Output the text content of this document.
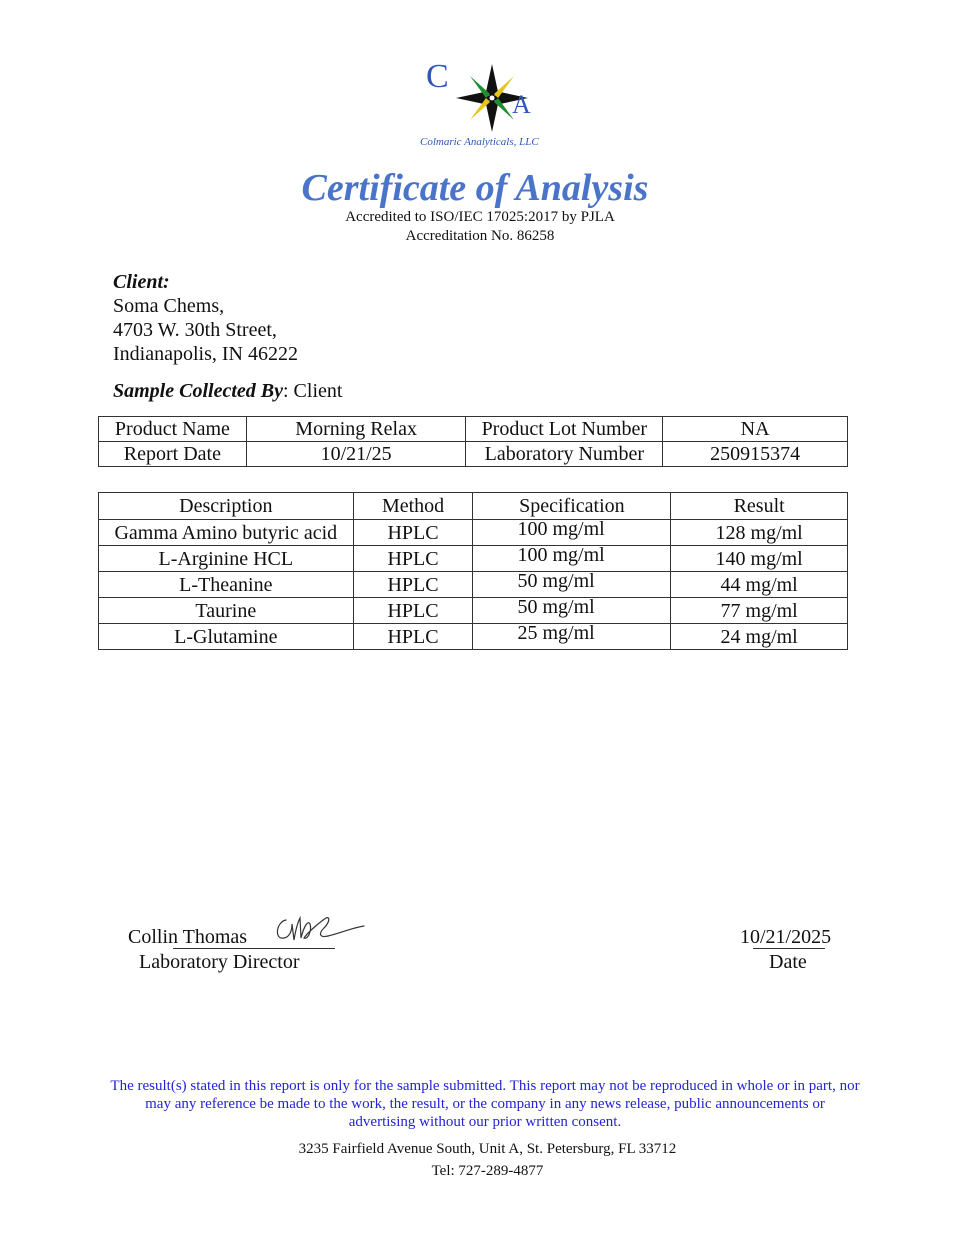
C
A
Colmaric Analyticals, LLC
Certificate of Analysis
Accredited to ISO/IEC 17025:2017 by PJLA
Accreditation No. 86258
Client:
Soma Chems,
4703 W. 30th Street,
Indianapolis, IN 46222
Sample Collected By: Client
Product Name	Morning Relax	Product Lot Number	NA
Report Date	10/21/25	Laboratory Number	250915374
Description	Method	Specification	Result
Gamma Amino butyric acid	HPLC	100 mg/ml	128 mg/ml
L-Arginine HCL	HPLC	100 mg/ml	140 mg/ml
L-Theanine	HPLC	50 mg/ml	44 mg/ml
Taurine	HPLC	50 mg/ml	77 mg/ml
L-Glutamine	HPLC	25 mg/ml	24 mg/ml
Collin Thomas
Laboratory Director
10/21/2025
Date
The result(s) stated in this report is only for the sample submitted. This report may not be reproduced in whole or in part, nor may any reference be made to the work, the result, or the company in any news release, public announcements or advertising without our prior written consent.
3235 Fairfield Avenue South, Unit A, St. Petersburg, FL 33712
Tel: 727-289-4877
